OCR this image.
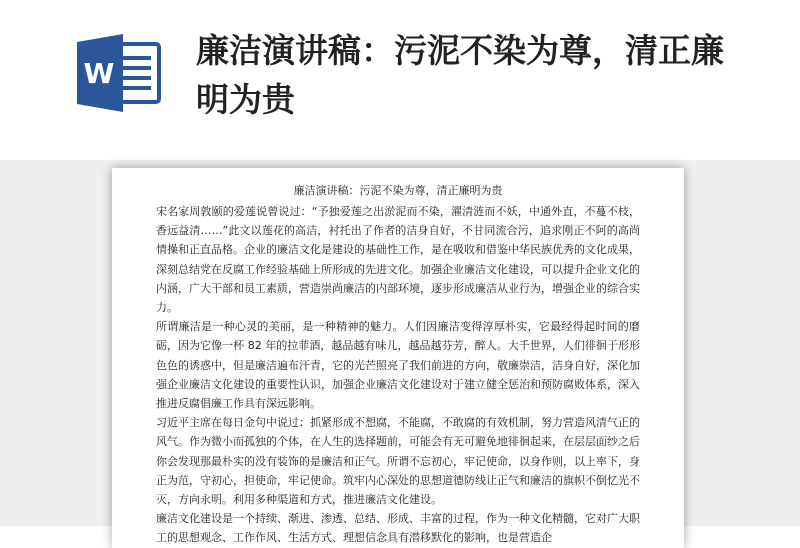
W
廉洁演讲稿：污泥不染为尊，清正廉明为贵
廉洁演讲稿：污泥不染为尊，清正廉明为贵

宋名家周敦颐的爱莲说曾说过：“予独爱莲之出淤泥而不染，濯清涟而不妖，中通外直，不蔓不枝，香远益清……”此文以莲花的高洁，衬托出了作者的洁身自好，不甘同流合污，追求刚正不阿的高尚情操和正直品格。企业的廉洁文化是建设的基础性工作，是在吸收和借鉴中华民族优秀的文化成果，深刻总结党在反腐工作经验基础上所形成的先进文化。加强企业廉洁文化建设，可以提升企业文化的内涵，广大干部和员工素质，营造崇尚廉洁的内部环境，逐步形成廉洁从业行为，增强企业的综合实力。

所谓廉洁是一种心灵的美丽，是一种精神的魅力。人们因廉洁变得淳厚朴实，它最经得起时间的磨砺，因为它像一杯 82 年的拉菲酒，越品越有味儿，越品越芬芳，醉人。大千世界，人们徘徊于形形色色的诱惑中，但是廉洁遍布汗青，它的光芒照亮了我们前进的方向，敬廉崇洁，洁身自好，深化加强企业廉洁文化建设的重要性认识，加强企业廉洁文化建设对于建立健全惩治和预防腐败体系，深入推进反腐倡廉工作具有深远影响。

习近平主席在每日金句中说过：抓紧形成不想腐，不能腐，不敢腐的有效机制，努力营造风清气正的风气。作为微小而孤独的个体，在人生的选择题前，可能会有无可避免地徘徊起来，在层层面纱之后你会发现那最朴实的没有装饰的是廉洁和正气。所谓不忘初心，牢记使命，以身作则，以上率下，身正为范，守初心，担使命，牢记使命。筑牢内心深处的思想道德防线让正气和廉洁的旗帜不倒忆光不灭，方向永明。利用多种渠道和方式，推进廉洁文化建设。

廉洁文化建设是一个持续、渐进、渗透、总结、形成、丰富的过程，作为一种文化精髓，它对广大职工的思想观念、工作作风、生活方式、理想信念具有潜移默化的影响，也是营造企
